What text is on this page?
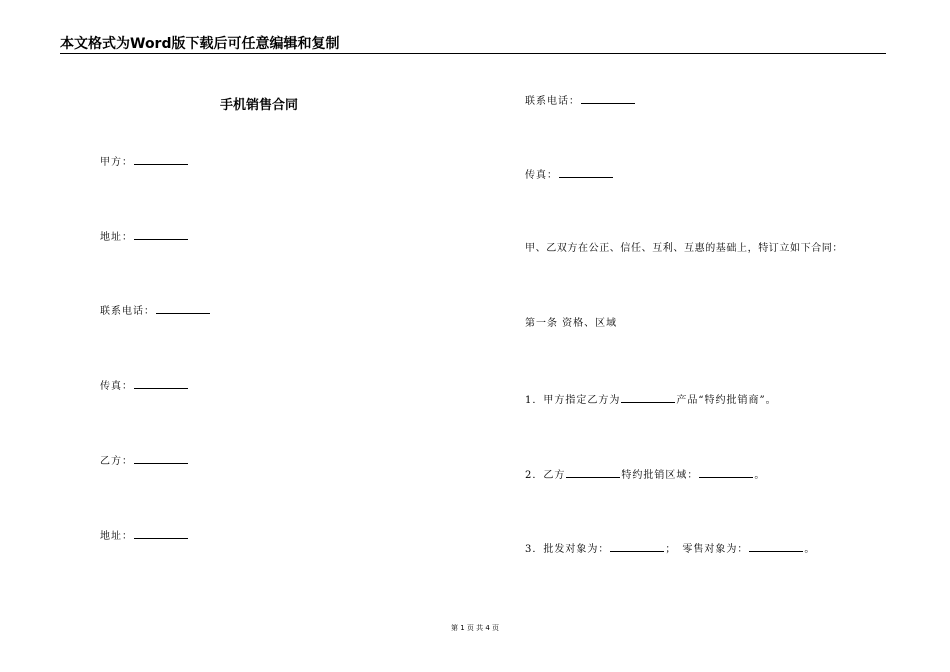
本文格式为Word版下载后可任意编辑和复制
手机销售合同
甲方：
地址：
联系电话：
传真：
乙方：
地址：
联系电话：
传真：
甲、乙双方在公正、信任、互利、互惠的基础上，特订立如下合同：
第一条 资格、区域
1．甲方指定乙方为	产品“特约批销商”。
2．乙方	特约批销区域：	。
3．批发对象为：	；　零售对象为：	。
第 1 页 共 4 页
